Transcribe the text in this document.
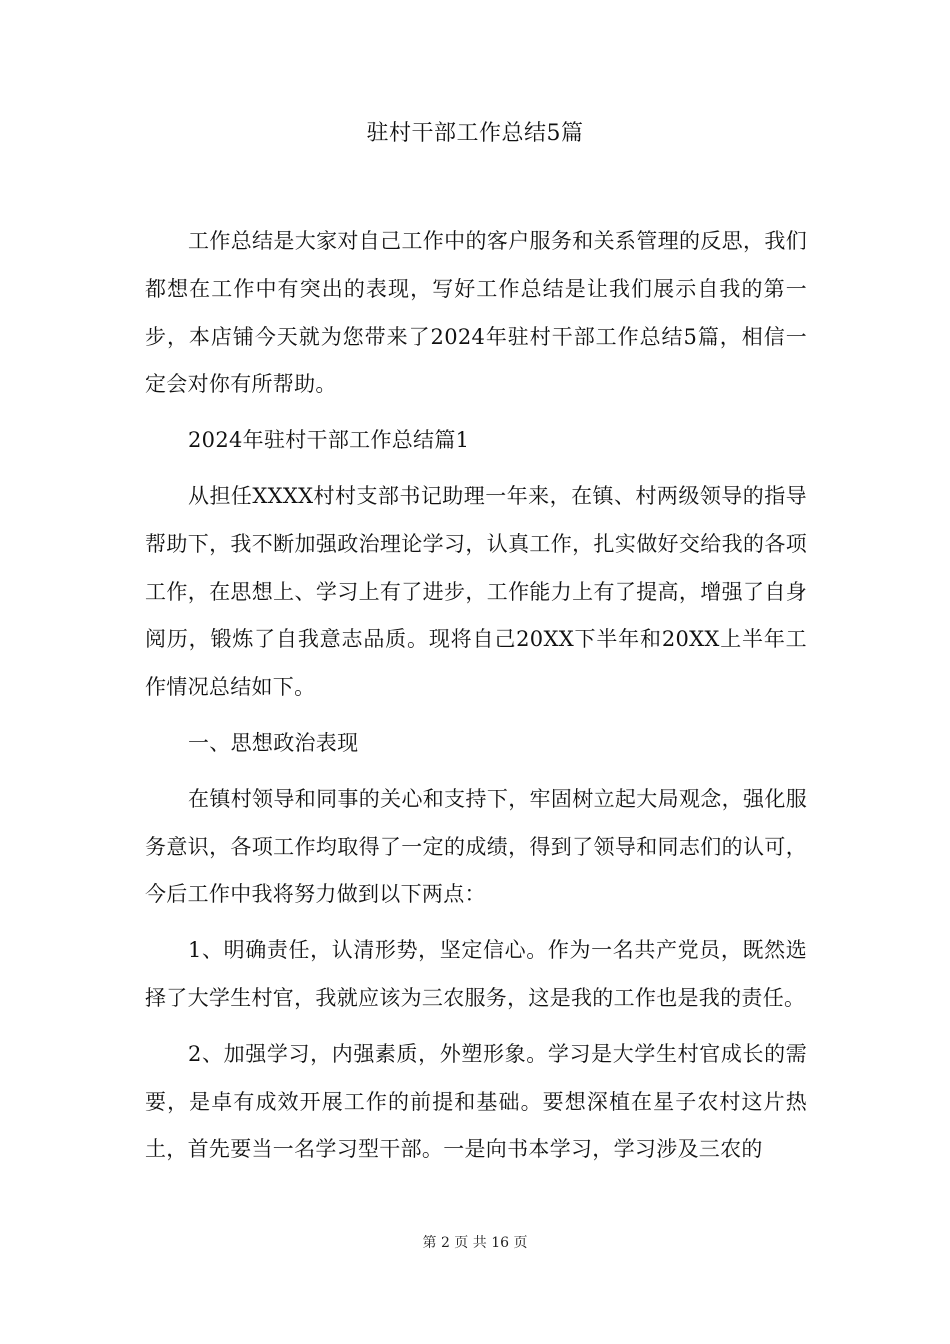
驻村干部工作总结5篇

工作总结是大家对自己工作中的客户服务和关系管理的反思，我们都想在工作中有突出的表现，写好工作总结是让我们展示自我的第一步，本店铺今天就为您带来了2024年驻村干部工作总结5篇，相信一定会对你有所帮助。

2024年驻村干部工作总结篇1

从担任XXXX村村支部书记助理一年来，在镇、村两级领导的指导帮助下，我不断加强政治理论学习，认真工作，扎实做好交给我的各项工作，在思想上、学习上有了进步，工作能力上有了提高，增强了自身阅历，锻炼了自我意志品质。现将自己20XX下半年和20XX上半年工作情况总结如下。

一、思想政治表现

在镇村领导和同事的关心和支持下，牢固树立起大局观念，强化服务意识，各项工作均取得了一定的成绩，得到了领导和同志们的认可，今后工作中我将努力做到以下两点：

1、明确责任，认清形势，坚定信心。作为一名共产党员，既然选择了大学生村官，我就应该为三农服务，这是我的工作也是我的责任。

2、加强学习，内强素质，外塑形象。学习是大学生村官成长的需要，是卓有成效开展工作的前提和基础。要想深植在星子农村这片热土，首先要当一名学习型干部。一是向书本学习，学习涉及三农的

第 2 页 共 16 页
